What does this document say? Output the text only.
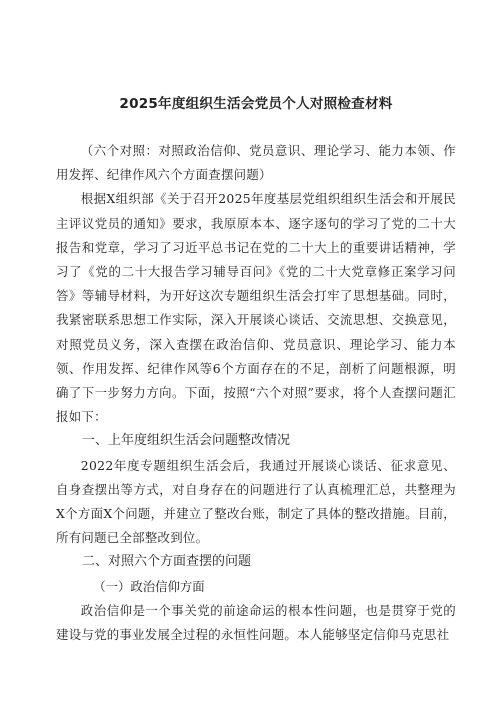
2025年度组织生活会党员个人对照检查材料

（六个对照：对照政治信仰、党员意识、理论学习、能力本领、作用发挥、纪律作风六个方面查摆问题）

根据X组织部《关于召开2025年度基层党组织组织生活会和开展民主评议党员的通知》要求，我原原本本、逐字逐句的学习了党的二十大报告和党章，学习了习近平总书记在党的二十大上的重要讲话精神，学习了《党的二十大报告学习辅导百问》《党的二十大党章修正案学习问答》等辅导材料，为开好这次专题组织生活会打牢了思想基础。同时，我紧密联系思想工作实际，深入开展谈心谈话、交流思想、交换意见，对照党员义务，深入查摆在政治信仰、党员意识、理论学习、能力本领、作用发挥、纪律作风等6个方面存在的不足，剖析了问题根源，明确了下一步努力方向。下面，按照“六个对照”要求，将个人查摆问题汇报如下：

一、上年度组织生活会问题整改情况

2022年度专题组织生活会后，我通过开展谈心谈话、征求意见、自身查摆出等方式，对自身存在的问题进行了认真梳理汇总，共整理为X个方面X个问题，并建立了整改台账，制定了具体的整改措施。目前，所有问题已全部整改到位。

二、对照六个方面查摆的问题
（一）政治信仰方面

政治信仰是一个事关党的前途命运的根本性问题，也是贯穿于党的建设与党的事业发展全过程的永恒性问题。本人能够坚定信仰马克思社
